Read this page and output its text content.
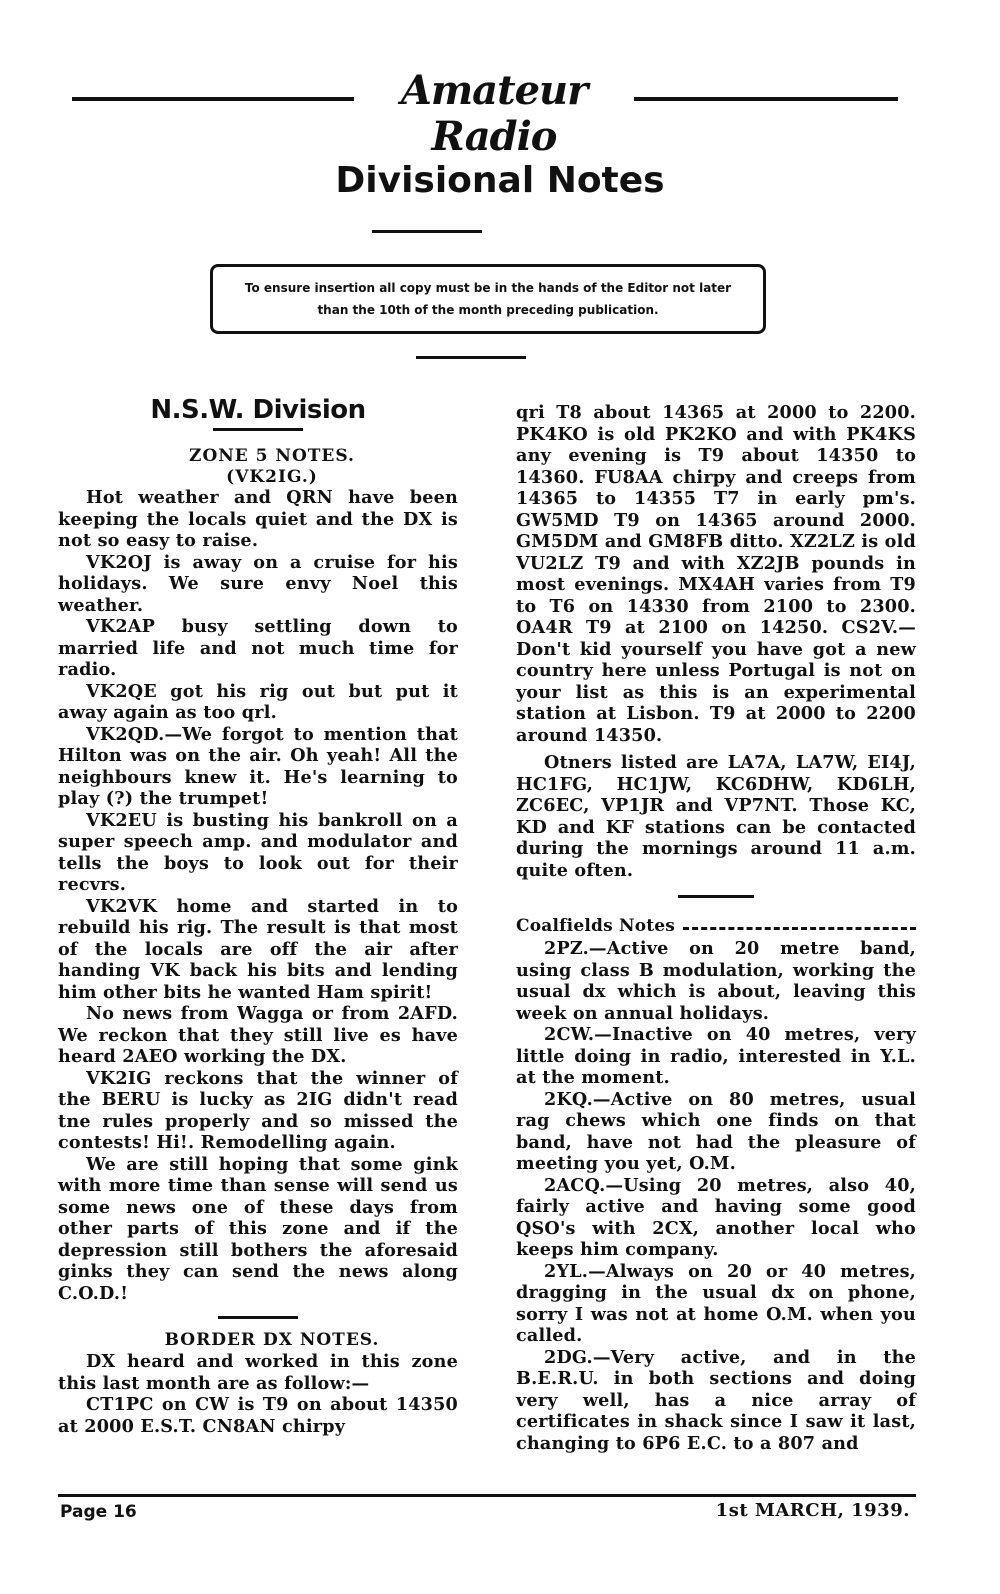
Amateur Radio
Divisional Notes
To ensure insertion all copy must be in the hands of the Editor not later than the 10th of the month preceding publication.
N.S.W. Division

ZONE 5 NOTES.

(VK2IG.)

Hot weather and QRN have been keeping the locals quiet and the DX is not so easy to raise.

VK2OJ is away on a cruise for his holidays. We sure envy Noel this weather.

VK2AP busy settling down to married life and not much time for radio.

VK2QE got his rig out but put it away again as too qrl.

VK2QD.—We forgot to mention that Hilton was on the air. Oh yeah! All the neighbours knew it. He's learning to play (?) the trumpet!

VK2EU is busting his bankroll on a super speech amp. and modulator and tells the boys to look out for their recvrs.

VK2VK home and started in to rebuild his rig. The result is that most of the locals are off the air after handing VK back his bits and lending him other bits he wanted Ham spirit!

No news from Wagga or from 2AFD. We reckon that they still live es have heard 2AEO working the DX.

VK2IG reckons that the winner of the BERU is lucky as 2IG didn't read tne rules properly and so missed the contests! Hi!. Remodelling again.

We are still hoping that some gink with more time than sense will send us some news one of these days from other parts of this zone and if the depression still bothers the aforesaid ginks they can send the news along C.O.D.!

BORDER DX NOTES.

DX heard and worked in this zone this last month are as follow:—

CT1PC on CW is T9 on about 14350 at 2000 E.S.T. CN8AN chirpy

qri T8 about 14365 at 2000 to 2200. PK4KO is old PK2KO and with PK4KS any evening is T9 about 14350 to 14360. FU8AA chirpy and creeps from 14365 to 14355 T7 in early pm's. GW5MD T9 on 14365 around 2000. GM5DM and GM8FB ditto. XZ2LZ is old VU2LZ T9 and with XZ2JB pounds in most evenings. MX4AH varies from T9 to T6 on 14330 from 2100 to 2300. OA4R T9 at 2100 on 14250. CS2V.—Don't kid yourself you have got a new country here unless Portugal is not on your list as this is an experimental station at Lisbon. T9 at 2000 to 2200 around 14350.

Otners listed are LA7A, LA7W, EI4J, HC1FG, HC1JW, KC6DHW, KD6LH, ZC6EC, VP1JR and VP7NT. Those KC, KD and KF stations can be contacted during the mornings around 11 a.m. quite often.

Coalfields Notes

2PZ.—Active on 20 metre band, using class B modulation, working the usual dx which is about, leaving this week on annual holidays.

2CW.—Inactive on 40 metres, very little doing in radio, interested in Y.L. at the moment.

2KQ.—Active on 80 metres, usual rag chews which one finds on that band, have not had the pleasure of meeting you yet, O.M.

2ACQ.—Using 20 metres, also 40, fairly active and having some good QSO's with 2CX, another local who keeps him company.

2YL.—Always on 20 or 40 metres, dragging in the usual dx on phone, sorry I was not at home O.M. when you called.

2DG.—Very active, and in the B.E.R.U. in both sections and doing very well, has a nice array of certificates in shack since I saw it last, changing to 6P6 E.C. to a 807 and

Page 16	1st MARCH, 1939.
